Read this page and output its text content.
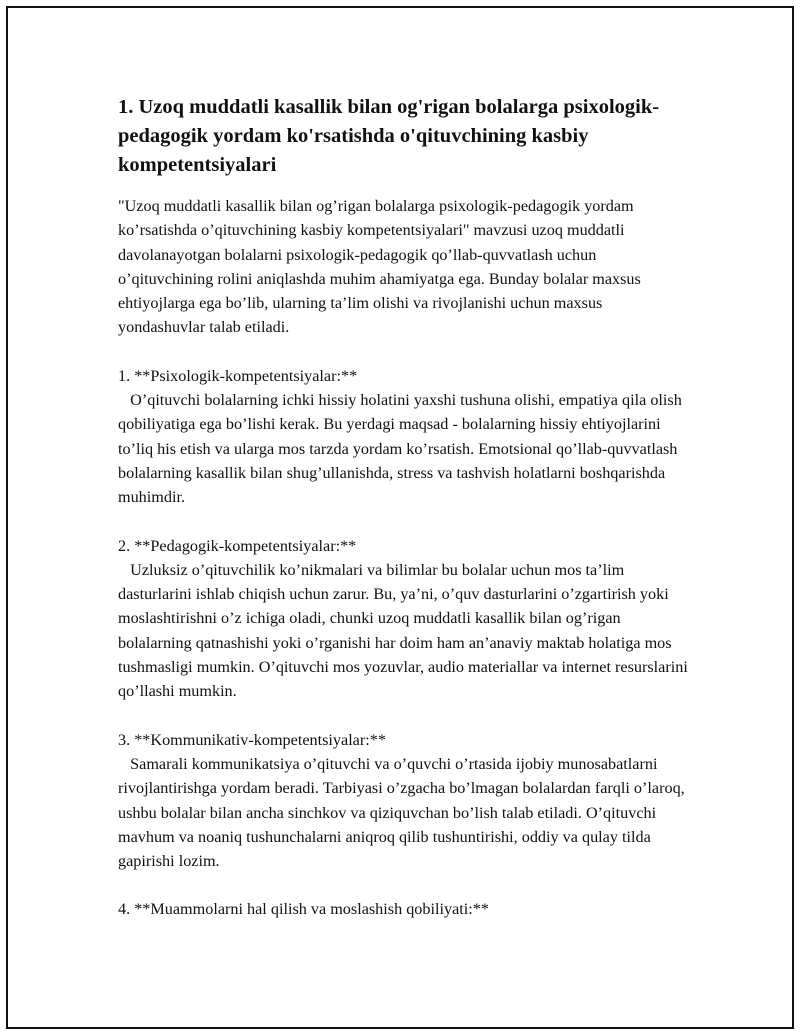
1. Uzoq muddatli kasallik bilan og'rigan bolalarga psixologik-pedagogik yordam ko'rsatishda o'qituvchining kasbiy kompetentsiyalari

"Uzoq muddatli kasallik bilan og’rigan bolalarga psixologik-pedagogik yordam ko’rsatishda o’qituvchining kasbiy kompetentsiyalari" mavzusi uzoq muddatli davolanayotgan bolalarni psixologik-pedagogik qo’llab-quvvatlash uchun o’qituvchining rolini aniqlashda muhim ahamiyatga ega. Bunday bolalar maxsus ehtiyojlarga ega bo’lib, ularning ta’lim olishi va rivojlanishi uchun maxsus yondashuvlar talab etiladi.

1. **Psixologik-kompetentsiyalar:**

O’qituvchi bolalarning ichki hissiy holatini yaxshi tushuna olishi, empatiya qila olish qobiliyatiga ega bo’lishi kerak. Bu yerdagi maqsad - bolalarning hissiy ehtiyojlarini to’liq his etish va ularga mos tarzda yordam ko’rsatish. Emotsional qo’llab-quvvatlash bolalarning kasallik bilan shug’ullanishda, stress va tashvish holatlarni boshqarishda muhimdir.

2. **Pedagogik-kompetentsiyalar:**

Uzluksiz o’qituvchilik ko’nikmalari va bilimlar bu bolalar uchun mos ta’lim dasturlarini ishlab chiqish uchun zarur. Bu, ya’ni, o’quv dasturlarini o’zgartirish yoki moslashtirishni o’z ichiga oladi, chunki uzoq muddatli kasallik bilan og’rigan bolalarning qatnashishi yoki o’rganishi har doim ham an’anaviy maktab holatiga mos tushmasligi mumkin. O’qituvchi mos yozuvlar, audio materiallar va internet resurslarini qo’llashi mumkin.

3. **Kommunikativ-kompetentsiyalar:**

Samarali kommunikatsiya o’qituvchi va o’quvchi o’rtasida ijobiy munosabatlarni rivojlantirishga yordam beradi. Tarbiyasi o’zgacha bo’lmagan bolalardan farqli o’laroq, ushbu bolalar bilan ancha sinchkov va qiziquvchan bo’lish talab etiladi. O’qituvchi mavhum va noaniq tushunchalarni aniqroq qilib tushuntirishi, oddiy va qulay tilda gapirishi lozim.

4. **Muammolarni hal qilish va moslashish qobiliyati:**
